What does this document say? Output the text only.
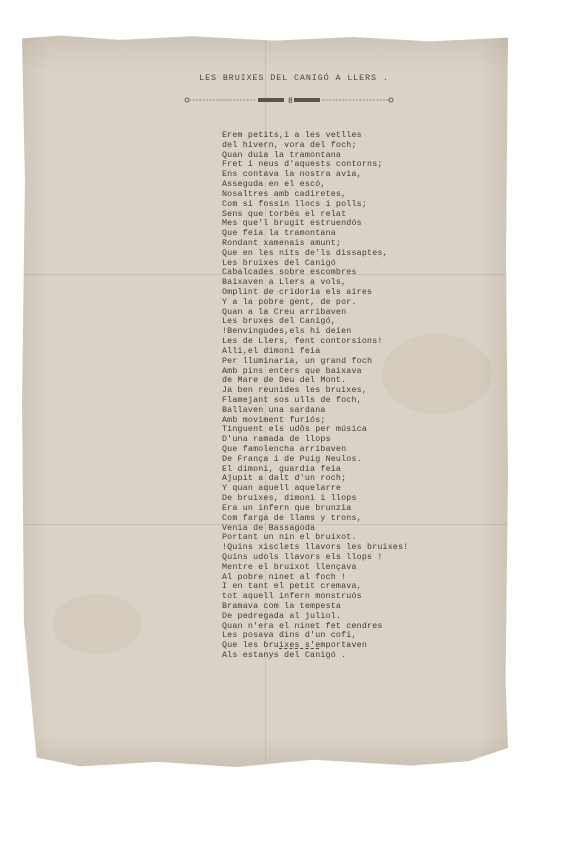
LES BRUIXES DEL CANIGÓ A LLERS .
8
Erem petits,i a les vetlles
del hivern, vora del foch;
Quan duia la tramontana
Fret i neus d'aquests contorns;
Ens contava la nostra avia,
Asseguda en el escó,
Nosaltres amb cadiretes,
Com si fossin llocs i polls;
Sens que torbés el relat
Mes que'l brugit estruendós
Que feia la tramontana
Rondant xamenais amunt;
Que en les nits de'ls dissaptes,
Les bruixes del Canigó
Cabalcades sobre escombres
Baixaven a Llers a vols,
Omplint de cridoria els aires
Y a la pobre gent, de por.
Quan a la Creu arribaven
Les bruxes del Canigó,
!Benvingudes,els hi deien
Les de Llers, fent contorsions!
Alli,el dimoni feia
Per lluminaria, un grand foch
Amb pins enters que baixava
de Mare de Deu del Mont.
Ja ben reunides les bruixes,
Flamejant sos ulls de foch,
Ballaven una sardana
Amb moviment furiós;
Tinguent els udôs per música
D'una ramada de llops
Que famolencha arribaven
De França i de Puig Neulos.
El dimoni, guardia feia
Ajupit a dalt d'un roch;
Y quan aquell aquelarre
De bruixes, dimoni i llops
Era un infern que brunzia
Com farga de llams y trons,
Venia de Bassagoda
Portant un nin el bruixot.
!Quins xisclets llavors les bruixes!
Quins udols llavors els llops !
Mentre el bruixot llençava
Al pobre ninet al foch !
I en tant el petit cremava,
tot aquell infern monstruós
Bramava com la tempesta
De pedregada al juliol.
Quan n'era el ninet fet cendres
Les posava dins d'un cofí,
Que les bruixes s'emportaven
Als estanys del Canigó .
